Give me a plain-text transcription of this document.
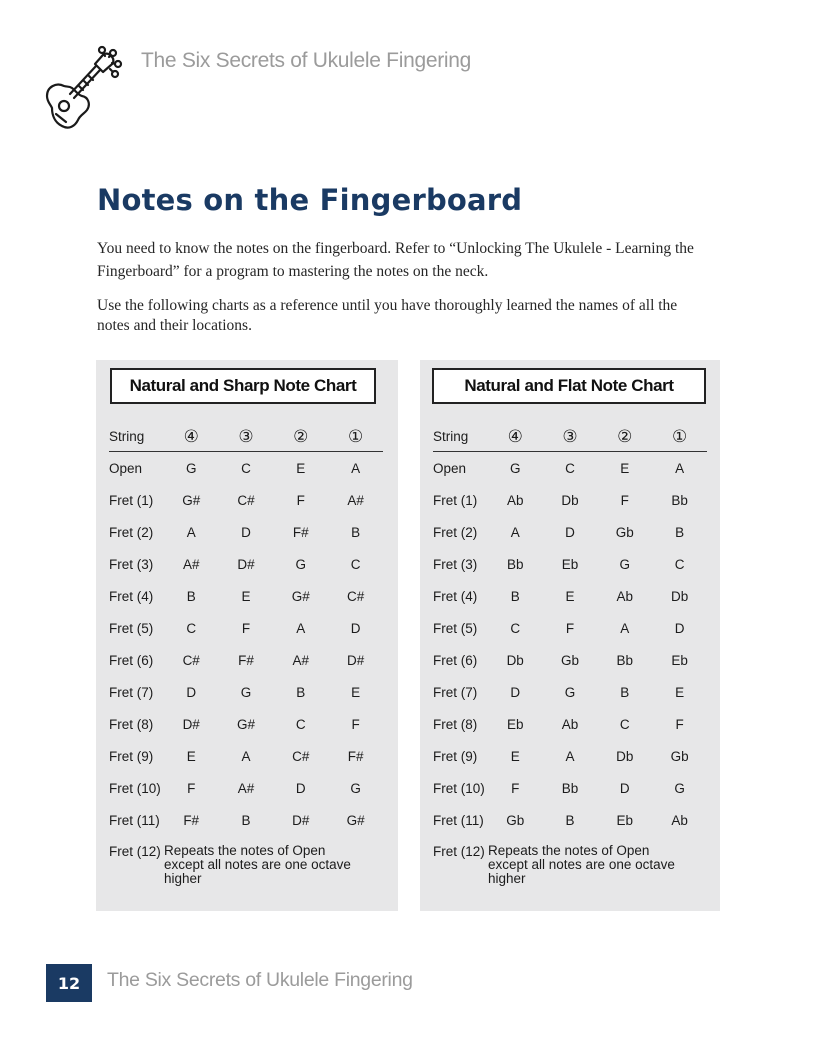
The Six Secrets of Ukulele Fingering
Notes on the Fingerboard

You need to know the notes on the fingerboard. Refer to “Unlocking The Ukulele - Learning the Fingerboard” for a program to mastering the notes on the neck.

Use the following charts as a reference until you have thoroughly learned the names of all the notes and their locations.

Natural and Sharp Note Chart
String	④	③	②	①
Open	G	C	E	A
Fret (1)	G#	C#	F	A#
Fret (2)	A	D	F#	B
Fret (3)	A#	D#	G	C
Fret (4)	B	E	G#	C#
Fret (5)	C	F	A	D
Fret (6)	C#	F#	A#	D#
Fret (7)	D	G	B	E
Fret (8)	D#	G#	C	F
Fret (9)	E	A	C#	F#
Fret (10)	F	A#	D	G
Fret (11)	F#	B	D#	G#
Fret (12) Repeats the notes of Open except all notes are one octave higher
Natural and Flat Note Chart
String	④	③	②	①
Open	G	C	E	A
Fret (1)	Ab	Db	F	Bb
Fret (2)	A	D	Gb	B
Fret (3)	Bb	Eb	G	C
Fret (4)	B	E	Ab	Db
Fret (5)	C	F	A	D
Fret (6)	Db	Gb	Bb	Eb
Fret (7)	D	G	B	E
Fret (8)	Eb	Ab	C	F
Fret (9)	E	A	Db	Gb
Fret (10)	F	Bb	D	G
Fret (11)	Gb	B	Eb	Ab
Fret (12) Repeats the notes of Open except all notes are one octave higher
12	The Six Secrets of Ukulele Fingering
